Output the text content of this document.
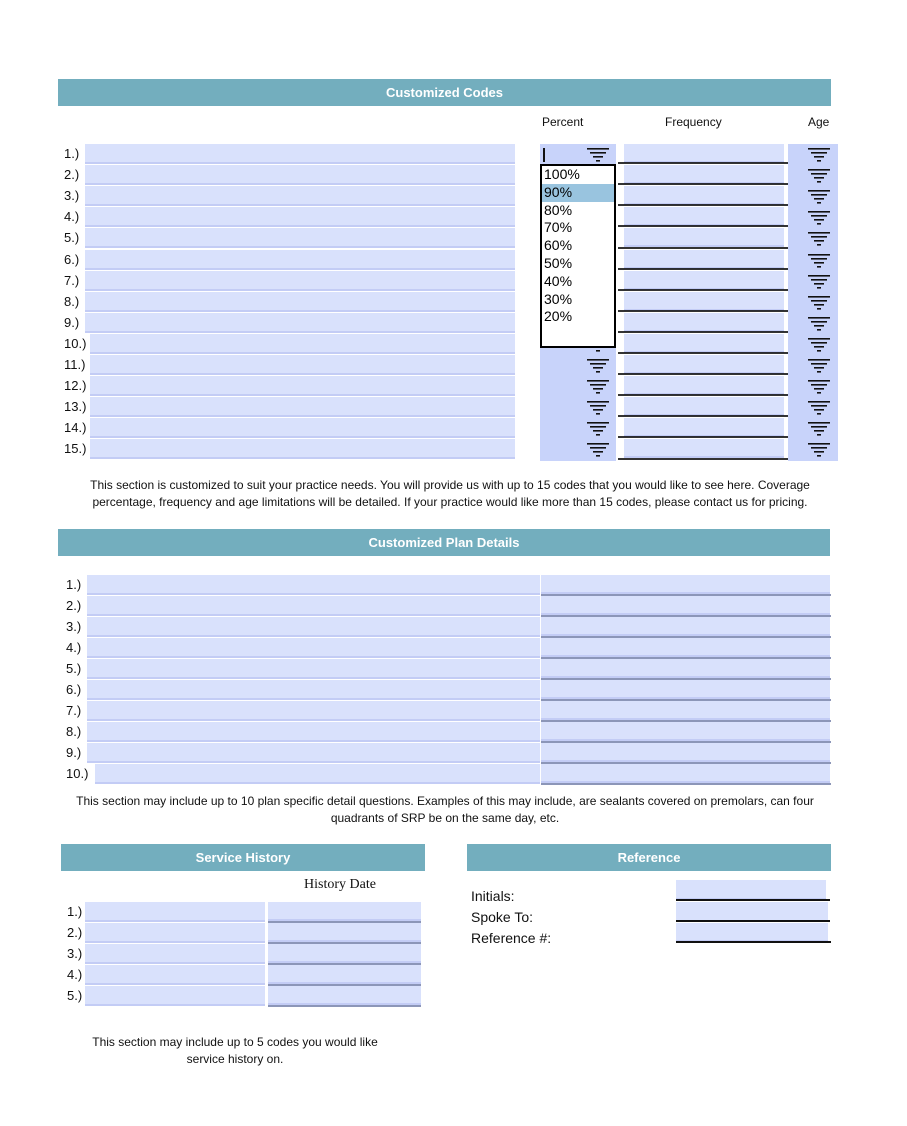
Customized Codes
Percent	Frequency	Age
1.)
2.)
3.)
4.)
5.)
6.)
7.)
8.)
9.)
10.)
11.)
12.)
13.)
14.)
15.)
100%
90%
80%
70%
60%
50%
40%
30%
20%
This section is customized to suit your practice needs. You will provide us with up to 15 codes that you would like to see here. Coverage percentage, frequency and age limitations will be detailed. If your practice would like more than 15 codes, please contact us for pricing.
Customized Plan Details
1.)
2.)
3.)
4.)
5.)
6.)
7.)
8.)
9.)
10.)
This section may include up to 10 plan specific detail questions. Examples of this may include, are sealants covered on premolars, can four quadrants of SRP be on the same day, etc.
Service History
History Date
1.)
2.)
3.)
4.)
5.)
This section may include up to 5 codes you would like service history on.
Reference
Initials:
Spoke To:
Reference #:
